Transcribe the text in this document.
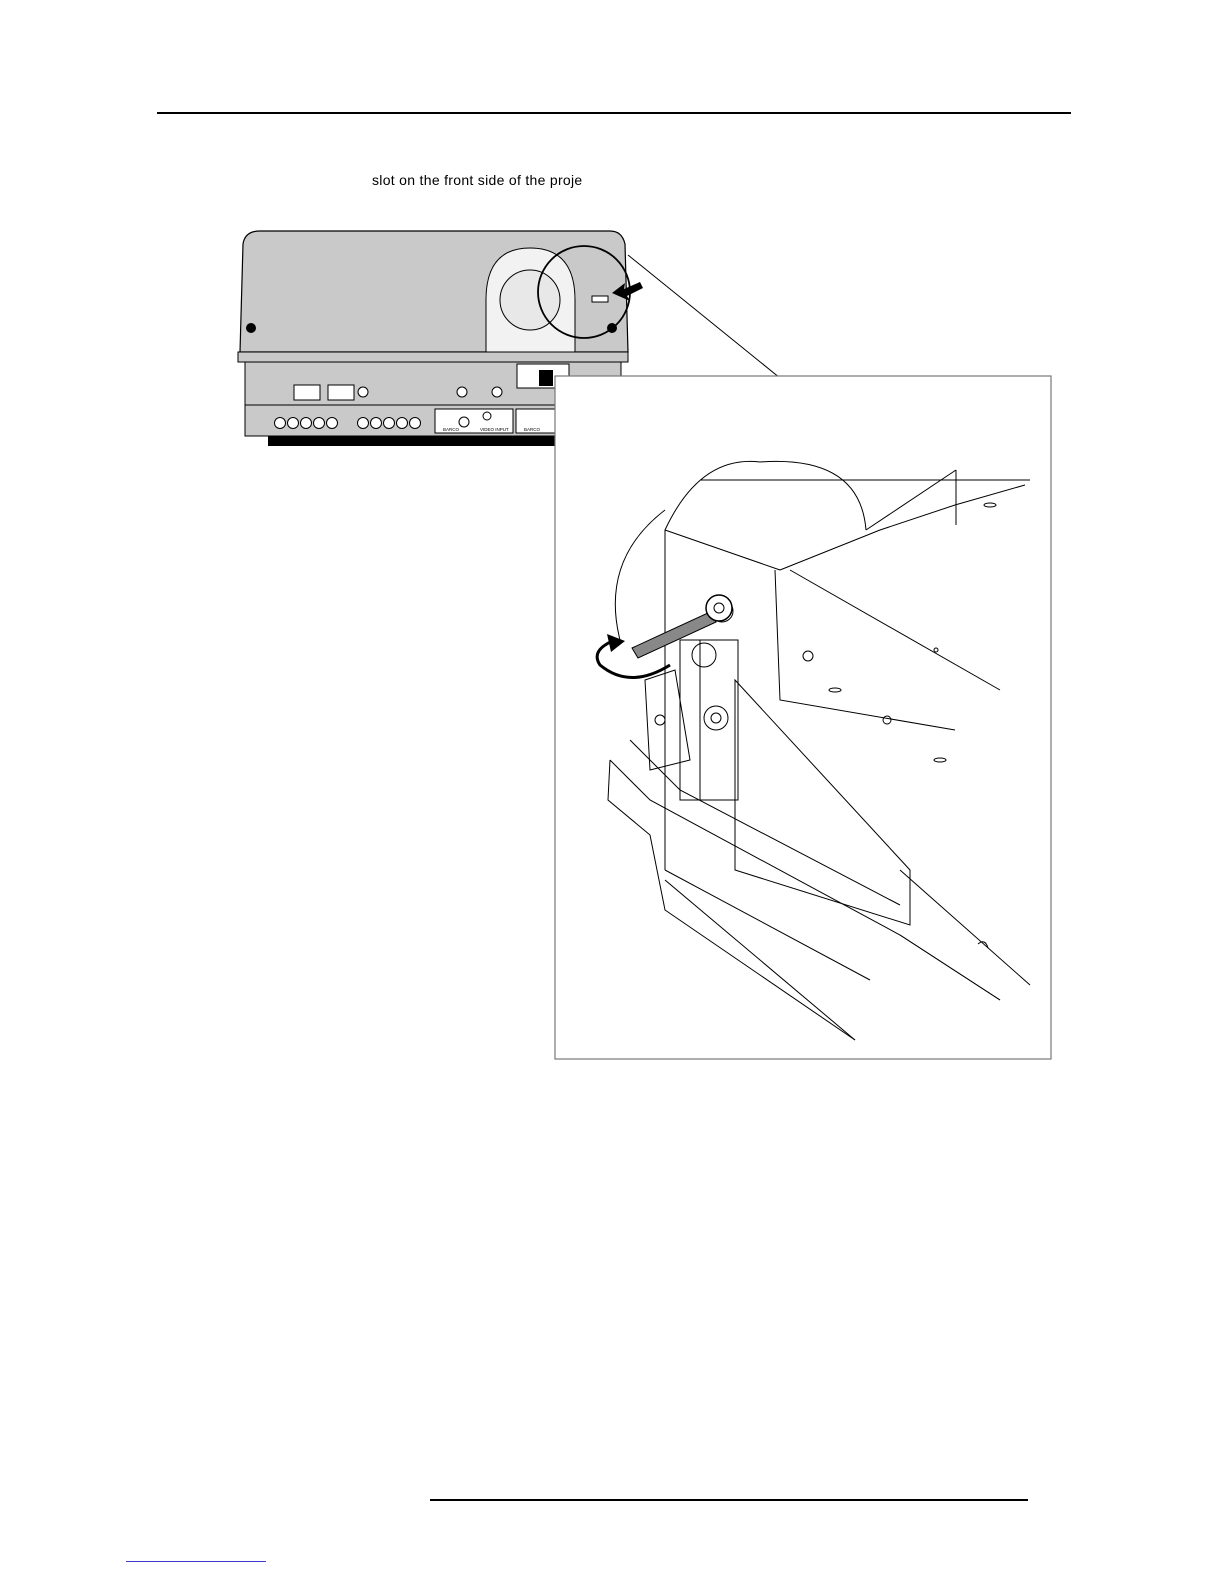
slot on the front side of the proje
BARCO	VIDEO INPUT	BARCO
